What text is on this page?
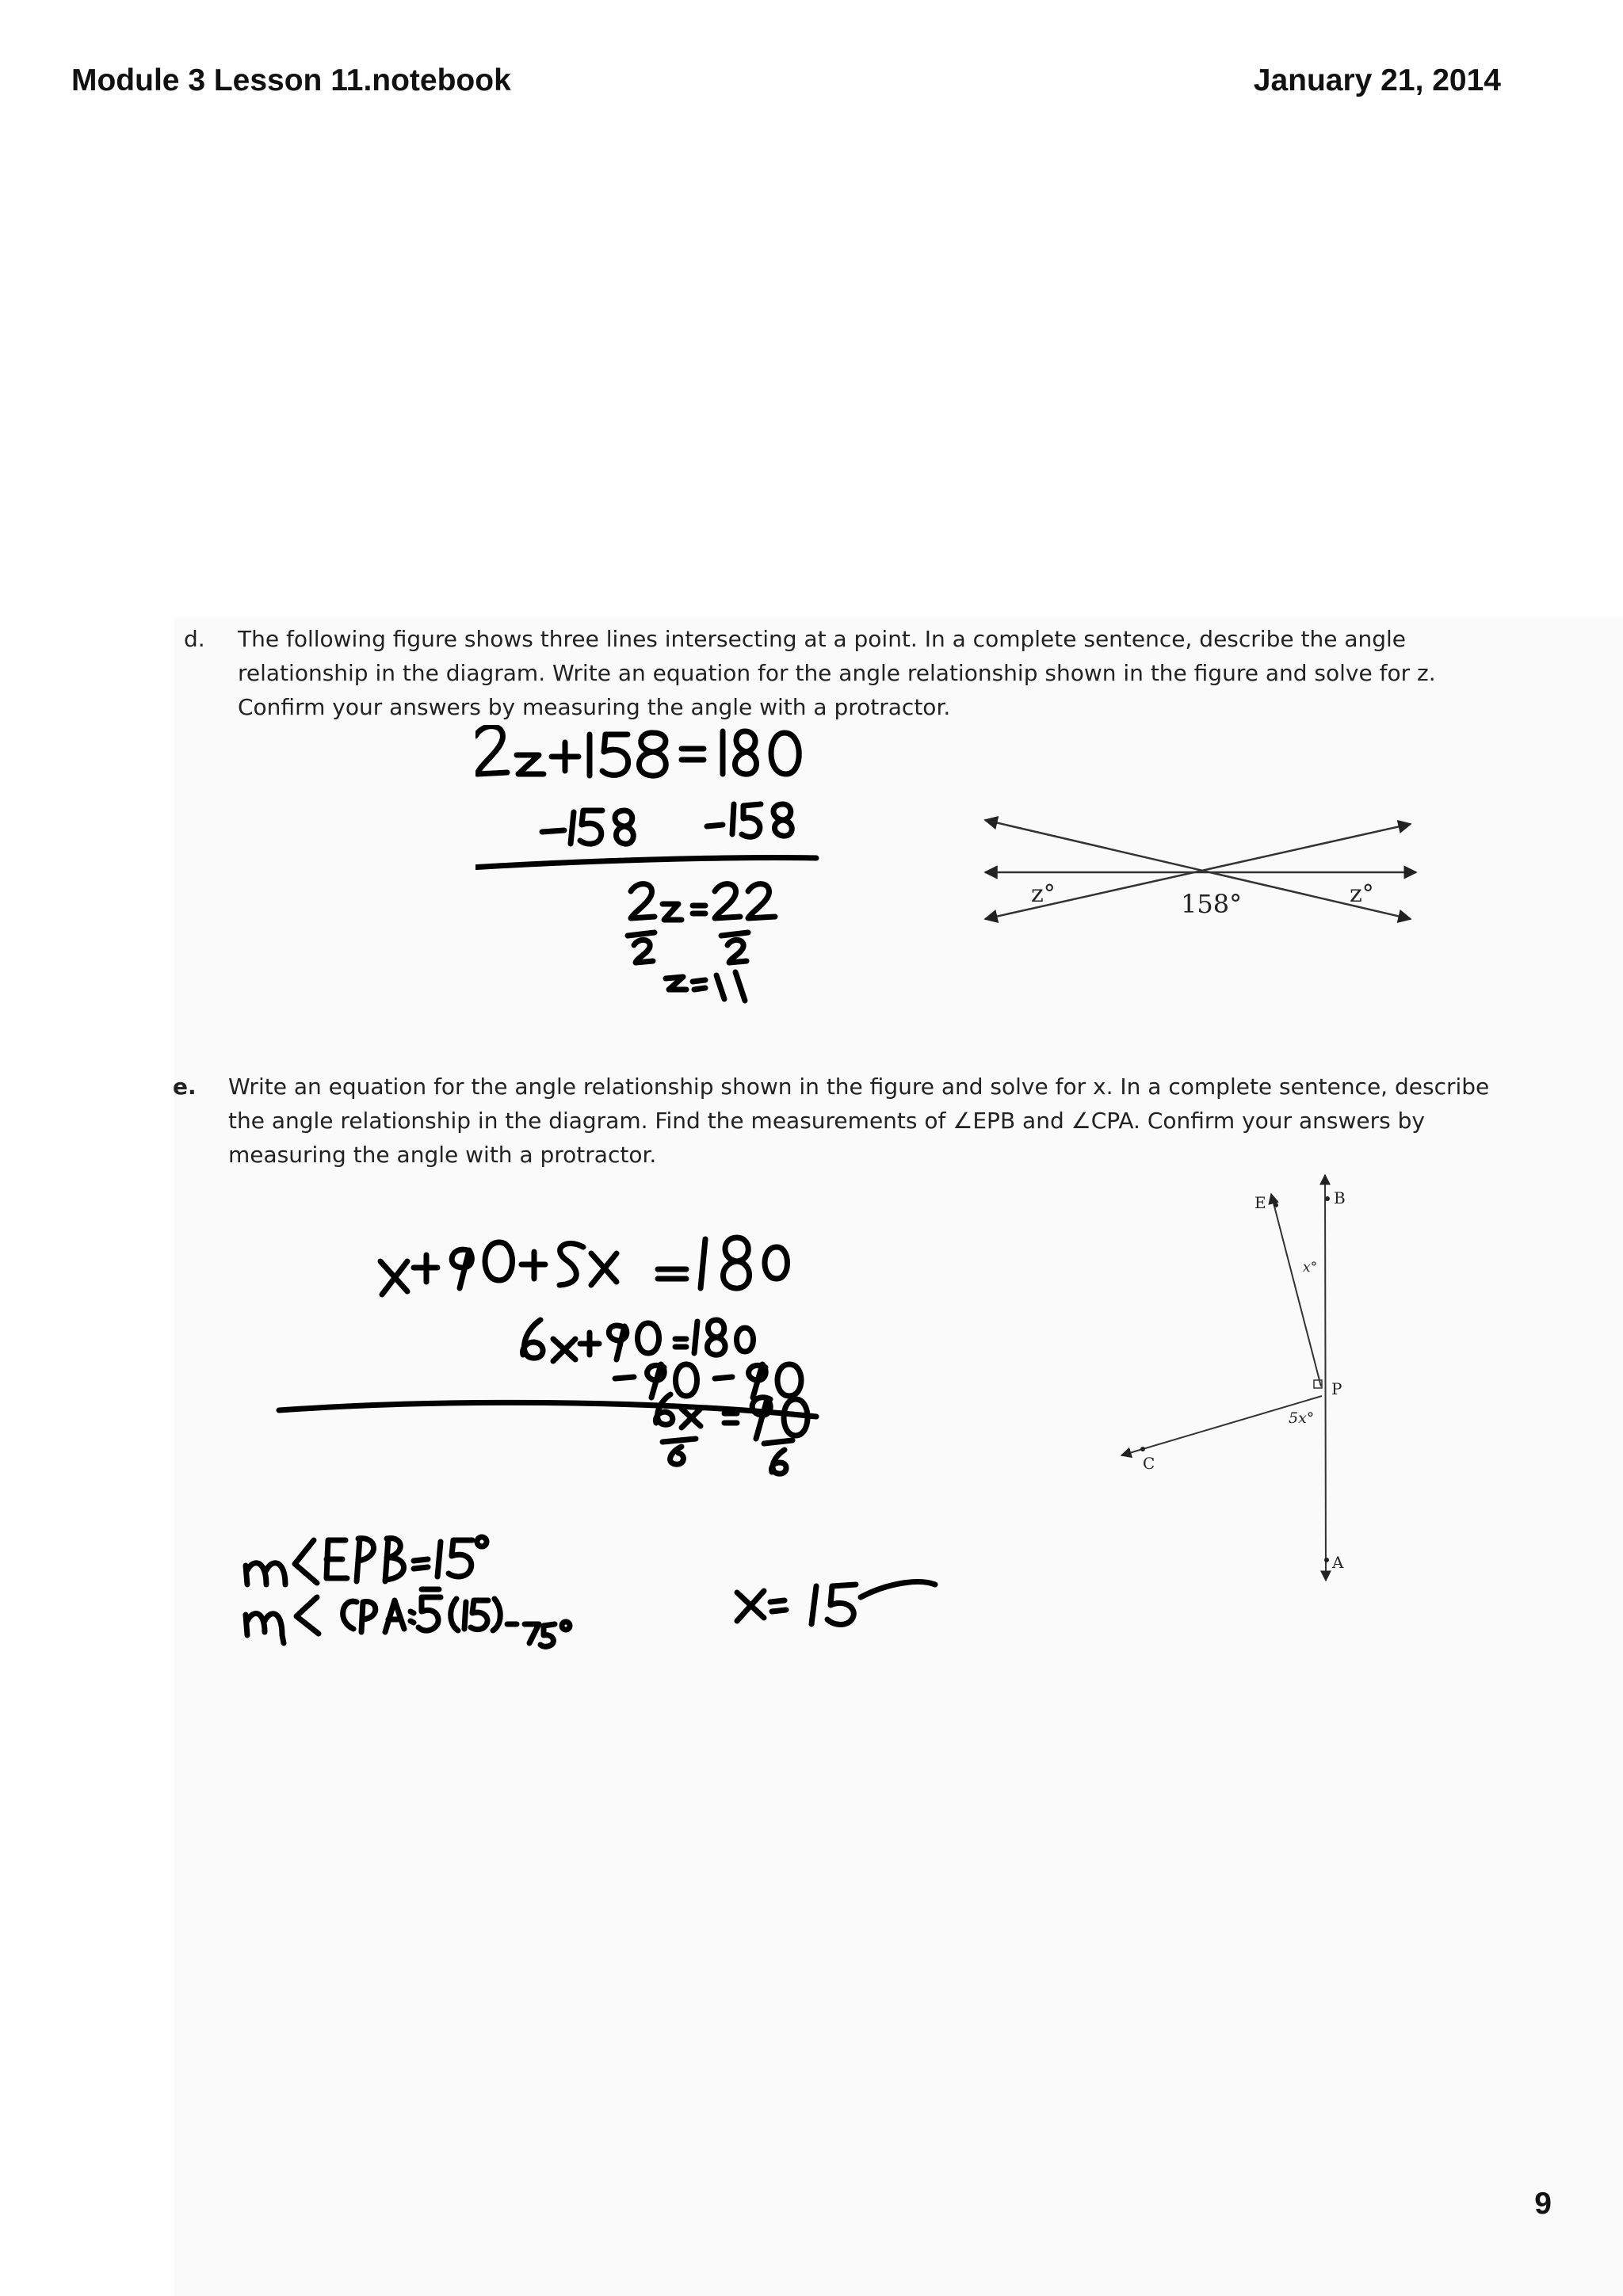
Module 3 Lesson 11.notebook	January 21, 2014
d. The following figure shows three lines intersecting at a point. In a complete sentence, describe the angle
relationship in the diagram. Write an equation for the angle relationship shown in the figure and solve for z.
Confirm your answers by measuring the angle with a protractor.
z°	158°	z°
e. Write an equation for the angle relationship shown in the figure and solve for x. In a complete sentence, describe
the angle relationship in the diagram. Find the measurements of ∠EPB and ∠CPA. Confirm your answers by
measuring the angle with a protractor.
E	B
P
C
A
x°
5x°
9
